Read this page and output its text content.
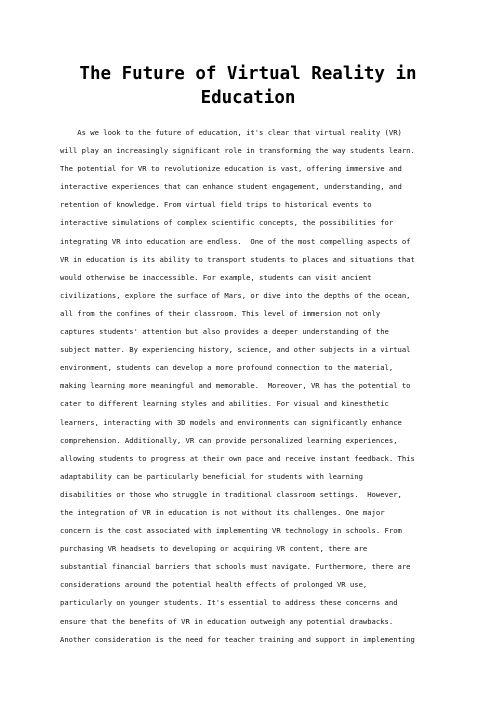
The Future of Virtual Reality in Education
As we look to the future of education, it's clear that virtual reality (VR)
will play an increasingly significant role in transforming the way students learn.
The potential for VR to revolutionize education is vast, offering immersive and
interactive experiences that can enhance student engagement, understanding, and
retention of knowledge. From virtual field trips to historical events to
interactive simulations of complex scientific concepts, the possibilities for
integrating VR into education are endless.  One of the most compelling aspects of
VR in education is its ability to transport students to places and situations that
would otherwise be inaccessible. For example, students can visit ancient
civilizations, explore the surface of Mars, or dive into the depths of the ocean,
all from the confines of their classroom. This level of immersion not only
captures students' attention but also provides a deeper understanding of the
subject matter. By experiencing history, science, and other subjects in a virtual
environment, students can develop a more profound connection to the material,
making learning more meaningful and memorable.  Moreover, VR has the potential to
cater to different learning styles and abilities. For visual and kinesthetic
learners, interacting with 3D models and environments can significantly enhance
comprehension. Additionally, VR can provide personalized learning experiences,
allowing students to progress at their own pace and receive instant feedback. This
adaptability can be particularly beneficial for students with learning
disabilities or those who struggle in traditional classroom settings.  However,
the integration of VR in education is not without its challenges. One major
concern is the cost associated with implementing VR technology in schools. From
purchasing VR headsets to developing or acquiring VR content, there are
substantial financial barriers that schools must navigate. Furthermore, there are
considerations around the potential health effects of prolonged VR use,
particularly on younger students. It's essential to address these concerns and
ensure that the benefits of VR in education outweigh any potential drawbacks.
Another consideration is the need for teacher training and support in implementing
